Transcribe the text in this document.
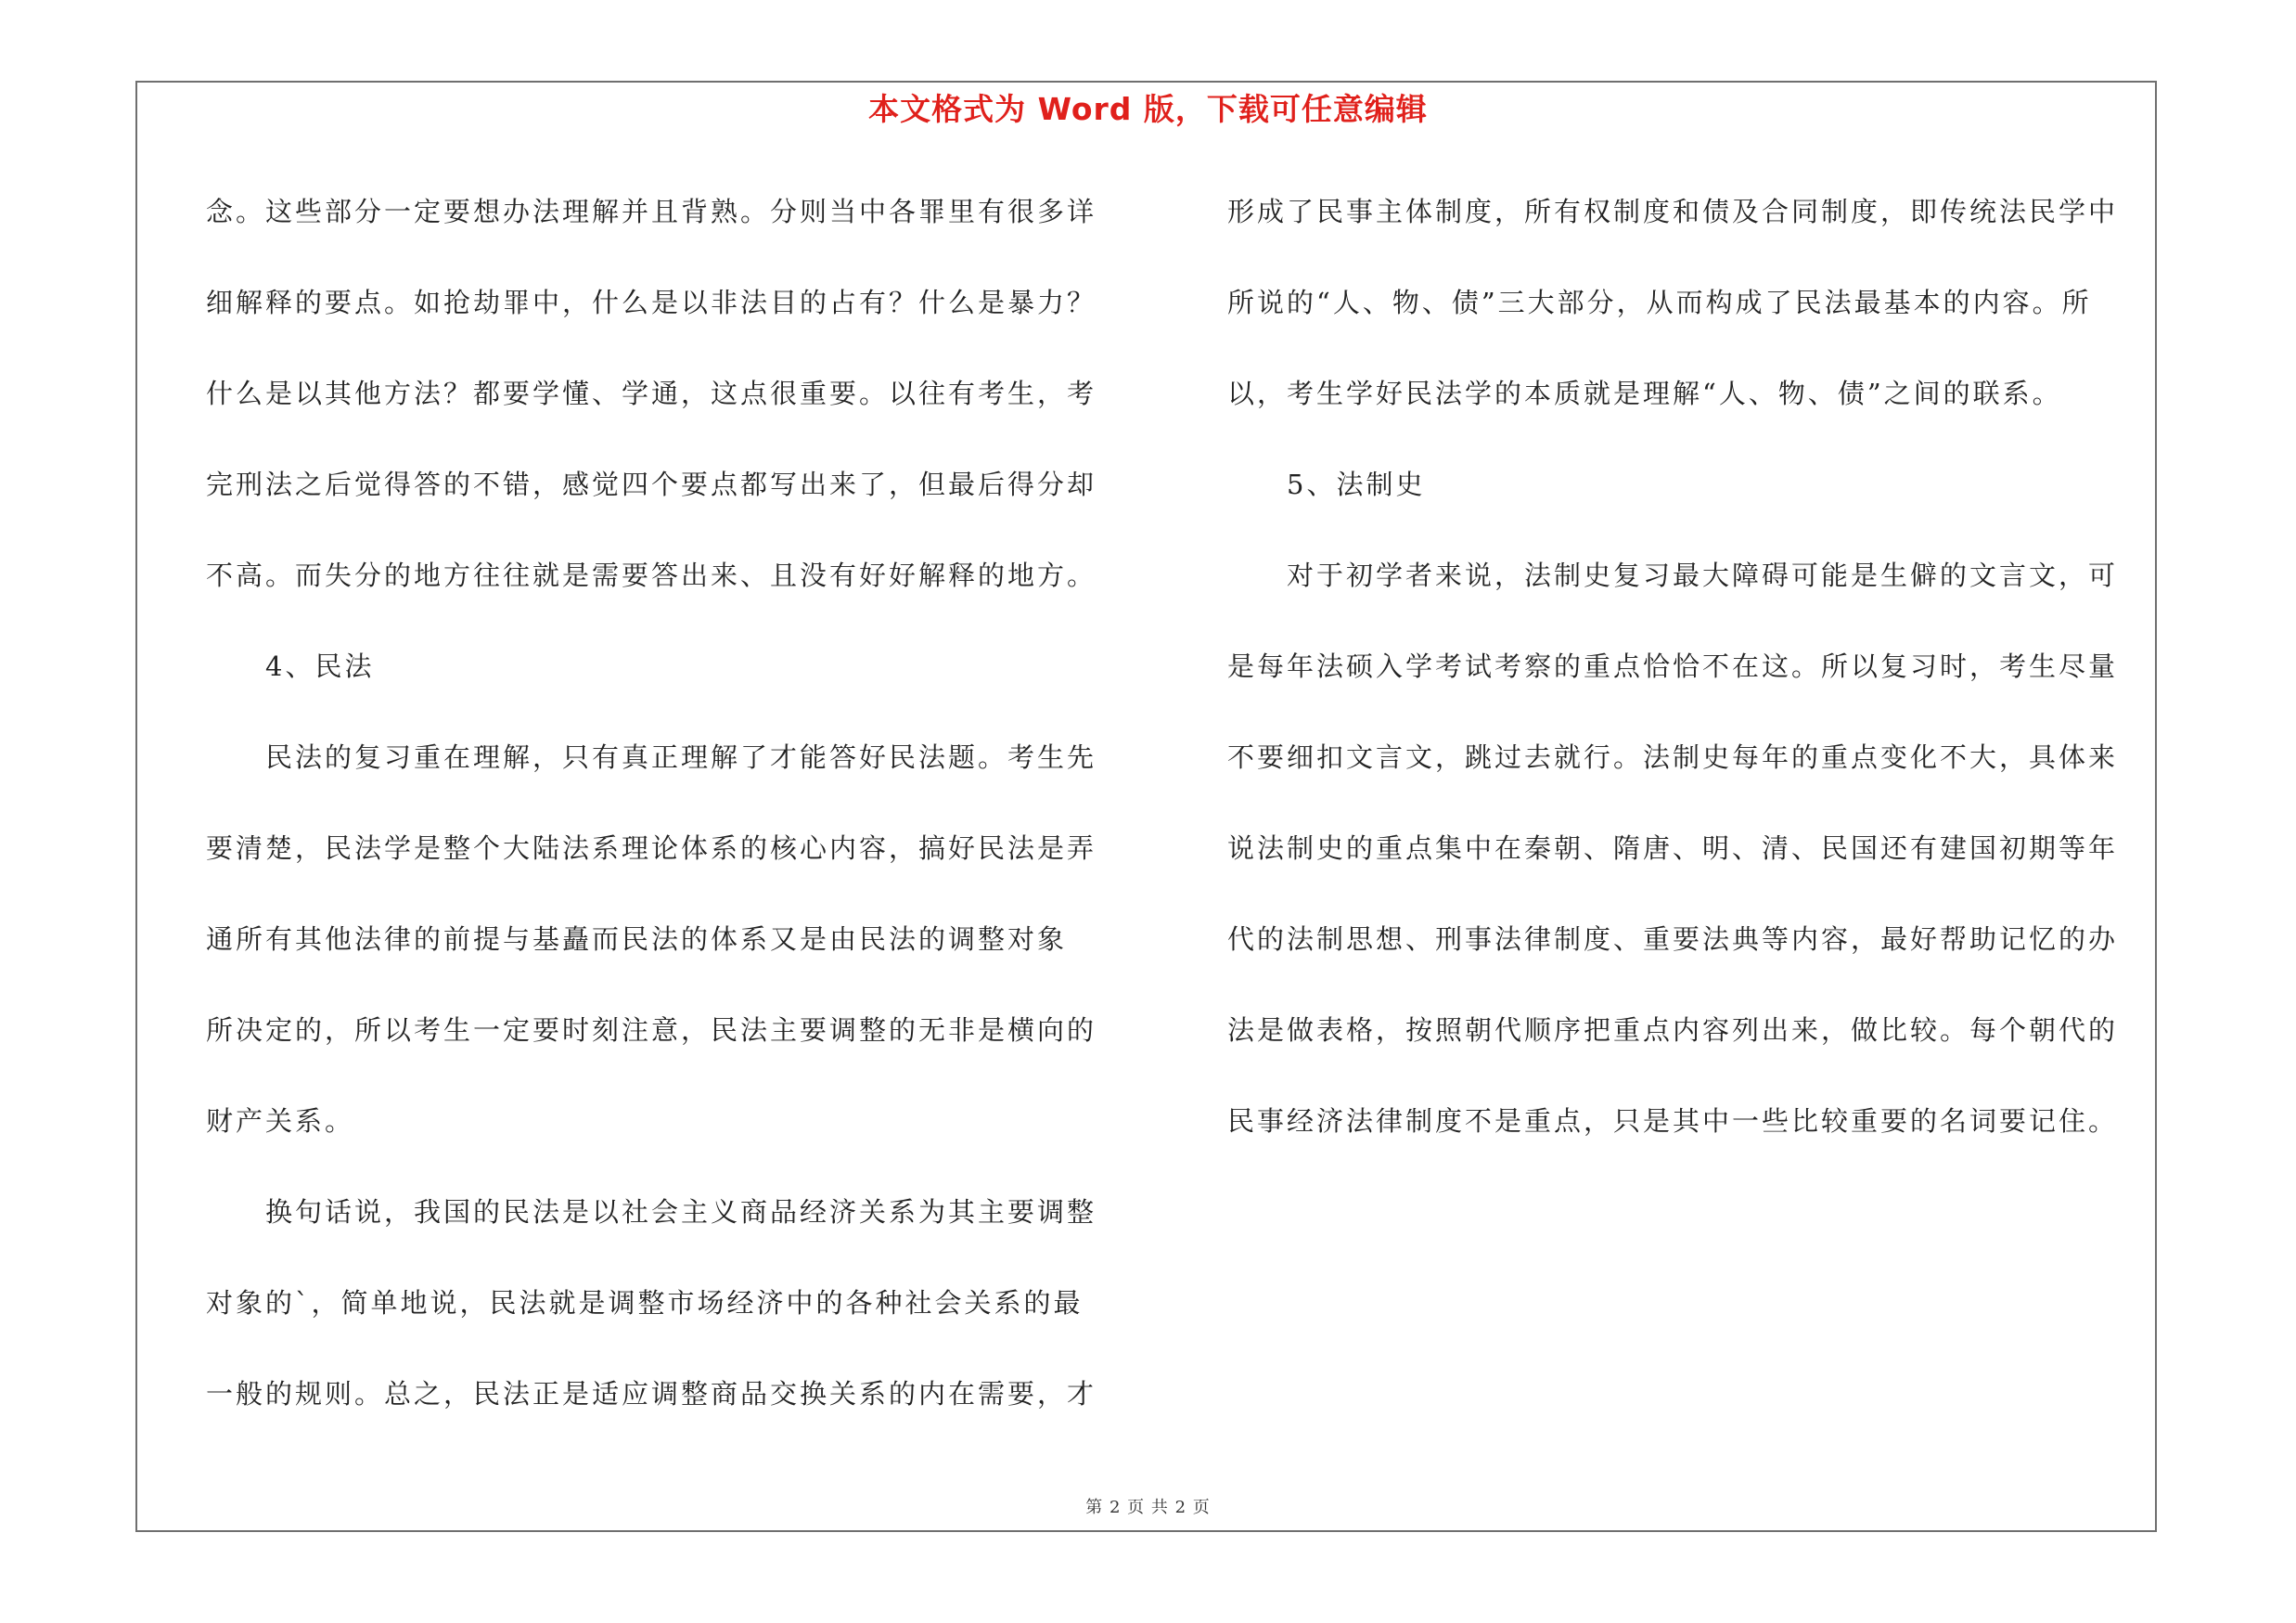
本文格式为 Word 版，下载可任意编辑
念。这些部分一定要想办法理解并且背熟。分则当中各罪里有很多详
细解释的要点。如抢劫罪中，什么是以非法目的占有？什么是暴力？
什么是以其他方法？都要学懂、学通，这点很重要。以往有考生，考
完刑法之后觉得答的不错，感觉四个要点都写出来了，但最后得分却
不高。而失分的地方往往就是需要答出来、且没有好好解释的地方。
4、民法
民法的复习重在理解，只有真正理解了才能答好民法题。考生先
要清楚，民法学是整个大陆法系理论体系的核心内容，搞好民法是弄
通所有其他法律的前提与基矗而民法的体系又是由民法的调整对象
所决定的，所以考生一定要时刻注意，民法主要调整的无非是横向的
财产关系。
换句话说，我国的民法是以社会主义商品经济关系为其主要调整
对象的`，简单地说，民法就是调整市场经济中的各种社会关系的最
一般的规则。总之，民法正是适应调整商品交换关系的内在需要，才
形成了民事主体制度，所有权制度和债及合同制度，即传统法民学中
所说的“人、物、债”三大部分，从而构成了民法最基本的内容。所
以，考生学好民法学的本质就是理解“人、物、债”之间的联系。
5、法制史
对于初学者来说，法制史复习最大障碍可能是生僻的文言文，可
是每年法硕入学考试考察的重点恰恰不在这。所以复习时，考生尽量
不要细扣文言文，跳过去就行。法制史每年的重点变化不大，具体来
说法制史的重点集中在秦朝、隋唐、明、清、民国还有建国初期等年
代的法制思想、刑事法律制度、重要法典等内容，最好帮助记忆的办
法是做表格，按照朝代顺序把重点内容列出来，做比较。每个朝代的
民事经济法律制度不是重点，只是其中一些比较重要的名词要记住。
第 2 页 共 2 页
